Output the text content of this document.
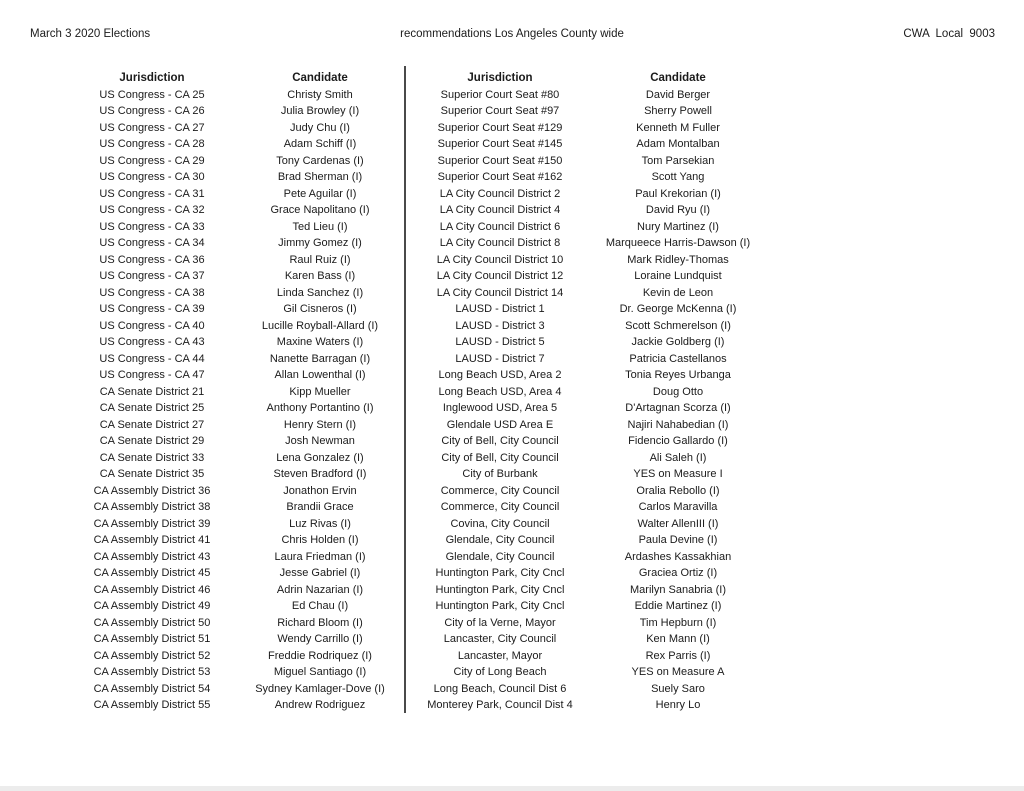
March 3 2020 Elections	recommendations Los Angeles County wide	CWA  Local  9003
Jurisdiction	Candidate	Jurisdiction	Candidate
US Congress - CA 25	Christy Smith	Superior Court Seat #80	David Berger
US Congress - CA 26	Julia Browley (I)	Superior Court Seat #97	Sherry Powell
US Congress - CA 27	Judy Chu (I)	Superior Court Seat #129	Kenneth M Fuller
US Congress - CA 28	Adam Schiff (I)	Superior Court Seat #145	Adam Montalban
US Congress - CA 29	Tony Cardenas (I)	Superior Court Seat #150	Tom Parsekian
US Congress - CA 30	Brad Sherman (I)	Superior Court Seat #162	Scott Yang
US Congress - CA 31	Pete Aguilar (I)	LA City Council District 2	Paul Krekorian (I)
US Congress - CA 32	Grace Napolitano (I)	LA City Council District 4	David Ryu (I)
US Congress - CA 33	Ted Lieu (I)	LA City Council District 6	Nury Martinez (I)
US Congress - CA 34	Jimmy Gomez (I)	LA City Council District 8	Marqueece Harris-Dawson (I)
US Congress - CA 36	Raul Ruiz (I)	LA City Council District 10	Mark Ridley-Thomas
US Congress - CA 37	Karen Bass (I)	LA City Council District 12	Loraine Lundquist
US Congress - CA 38	Linda Sanchez (I)	LA City Council District 14	Kevin de Leon
US Congress - CA 39	Gil Cisneros (I)	LAUSD - District 1	Dr. George McKenna (I)
US Congress - CA 40	Lucille Royball-Allard (I)	LAUSD - District 3	Scott Schmerelson (I)
US Congress - CA 43	Maxine Waters (I)	LAUSD - District 5	Jackie Goldberg (I)
US Congress - CA 44	Nanette Barragan (I)	LAUSD - District 7	Patricia Castellanos
US Congress - CA 47	Allan Lowenthal (I)	Long Beach USD, Area 2	Tonia Reyes Urbanga
CA Senate District 21	Kipp Mueller	Long Beach USD, Area 4	Doug Otto
CA Senate District 25	Anthony Portantino (I)	Inglewood USD, Area 5	D'Artagnan Scorza (I)
CA Senate District 27	Henry Stern (I)	Glendale USD Area E	Najiri Nahabedian (I)
CA Senate District 29	Josh Newman	City of Bell, City Council	Fidencio Gallardo (I)
CA Senate District 33	Lena Gonzalez (I)	City of Bell, City Council	Ali Saleh (I)
CA Senate District 35	Steven Bradford (I)	City of Burbank	YES on Measure I
CA Assembly District 36	Jonathon Ervin	Commerce, City Council	Oralia Rebollo (I)
CA Assembly District 38	Brandii Grace	Commerce, City Council	Carlos Maravilla
CA Assembly District 39	Luz Rivas (I)	Covina, City Council	Walter AllenIII (I)
CA Assembly District 41	Chris Holden (I)	Glendale, City Council	Paula Devine (I)
CA Assembly District 43	Laura Friedman (I)	Glendale, City Council	Ardashes Kassakhian
CA Assembly District 45	Jesse Gabriel (I)	Huntington Park, City Cncl	Graciea Ortiz (I)
CA Assembly District 46	Adrin Nazarian (I)	Huntington Park, City Cncl	Marilyn Sanabria (I)
CA Assembly District 49	Ed Chau (I)	Huntington Park, City Cncl	Eddie Martinez (I)
CA Assembly District 50	Richard Bloom (I)	City of la Verne, Mayor	Tim Hepburn (I)
CA Assembly District 51	Wendy Carrillo (I)	Lancaster, City Council	Ken Mann (I)
CA Assembly District 52	Freddie Rodriquez (I)	Lancaster, Mayor	Rex Parris (I)
CA Assembly District 53	Miguel Santiago (I)	City of Long Beach	YES on Measure A
CA Assembly District 54	Sydney Kamlager-Dove (I)	Long Beach, Council Dist 6	Suely Saro
CA Assembly District 55	Andrew Rodriguez	Monterey Park, Council Dist 4	Henry Lo
